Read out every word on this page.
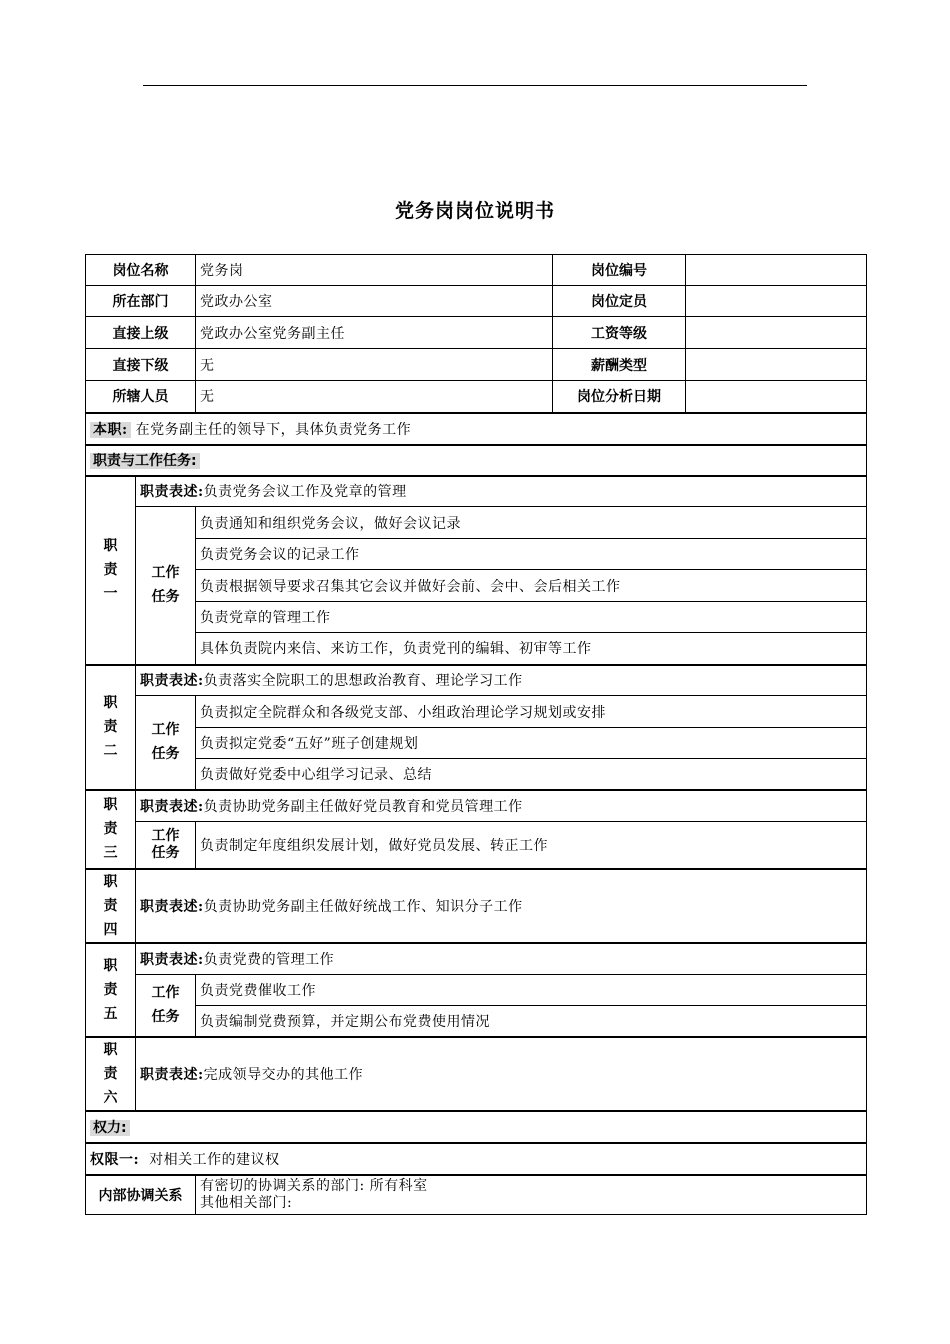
党务岗岗位说明书
岗位名称		党务岗	岗位编号	
所在部门		党政办公室	岗位定员	
直接上级		党政办公室党务副主任	工资等级	
直接下级		无	薪酬类型	
所辖人员		无	岗位分析日期	
本职: 在党务副主任的领导下，具体负责党务工作				
职责与工作任务:				

职
责
一	职责表述:负责党务会议工作及党章的管理			

	工作
任务	负责通知和组织党务会议，做好会议记录		
		负责党务会议的记录工作		
		负责根据领导要求召集其它会议并做好会前、会中、会后相关工作		
		负责党章的管理工作		
		具体负责院内来信、来访工作，负责党刊的编辑、初审等工作		

职
责
二	职责表述:负责落实全院职工的思想政治教育、理论学习工作			

	工作
任务	负责拟定全院群众和各级党支部、小组政治理论学习规划或安排		
		负责拟定党委“五好”班子创建规划		
		负责做好党委中心组学习记录、总结		

职
责
三	职责表述:负责协助党务副主任做好党员教育和党员管理工作			

	工作
任务	负责制定年度组织发展计划，做好党员发展、转正工作		

职
责
四	职责表述:负责协助党务副主任做好统战工作、知识分子工作			

职
责
五	职责表述:负责党费的管理工作			

	工作
任务	负责党费催收工作		
		负责编制党费预算，并定期公布党费使用情况		

职
责
六	职责表述:完成领导交办的其他工作			
权力:				
权限一: 对相关工作的建议权				
内部协调关系		有密切的协调关系的部门: 所有科室
其他相关部门:		
